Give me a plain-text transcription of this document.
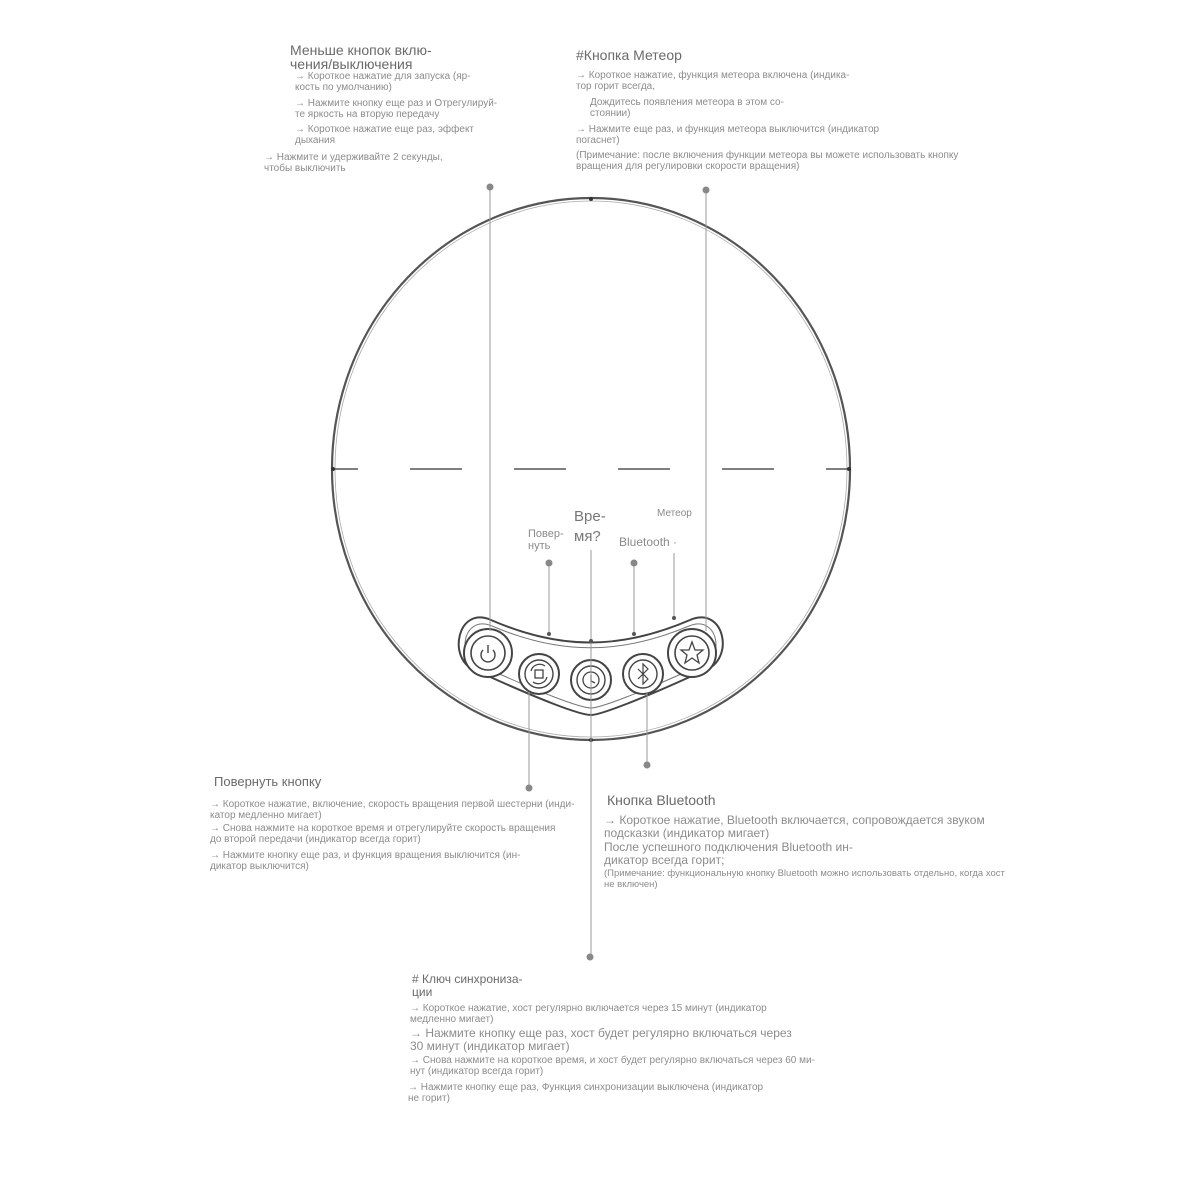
Меньше кнопок вклю-
чения/выключения
→ Короткое нажатие для запуска (яр-
кость по умолчанию)
→ Нажмите кнопку еще раз и Отрегулируй-
те яркость на вторую передачу
→ Короткое нажатие еще раз, эффект
дыхания
→ Нажмите и удерживайте 2 секунды,
чтобы выключить
#Кнопка Метеор
→ Короткое нажатие, функция метеора включена (индика-
тор горит всегда,
Дождитесь появления метеора в этом со-
стоянии)
→ Нажмите еще раз, и функция метеора выключится (индикатор
погаснет)
(Примечание: после включения функции метеора вы можете использовать кнопку
вращения для регулировки скорости вращения)
Повер-
нуть
Вре-
мя?	Bluetooth ·
Метеор
Повернуть кнопку
→ Короткое нажатие, включение, скорость вращения первой шестерни (инди-
катор медленно мигает)
→ Снова нажмите на короткое время и отрегулируйте скорость вращения
до второй передачи (индикатор всегда горит)
→ Нажмите кнопку еще раз, и функция вращения выключится (ин-
дикатор выключится)
Кнопка Bluetooth
→ Короткое нажатие, Bluetooth включается, сопровождается звуком
подсказки (индикатор мигает)
После успешного подключения Bluetooth ин-
дикатор всегда горит;
(Примечание: функциональную кнопку Bluetooth можно использовать отдельно, когда хост
не включен)
# Ключ синхрониза-
ции
→ Короткое нажатие, хост регулярно включается через 15 минут (индикатор
медленно мигает)
→ Нажмите кнопку еще раз, хост будет регулярно включаться через
30 минут (индикатор мигает)
→ Снова нажмите на короткое время, и хост будет регулярно включаться через 60 ми-
нут (индикатор всегда горит)
→ Нажмите кнопку еще раз, Функция синхронизации выключена (индикатор
не горит)
